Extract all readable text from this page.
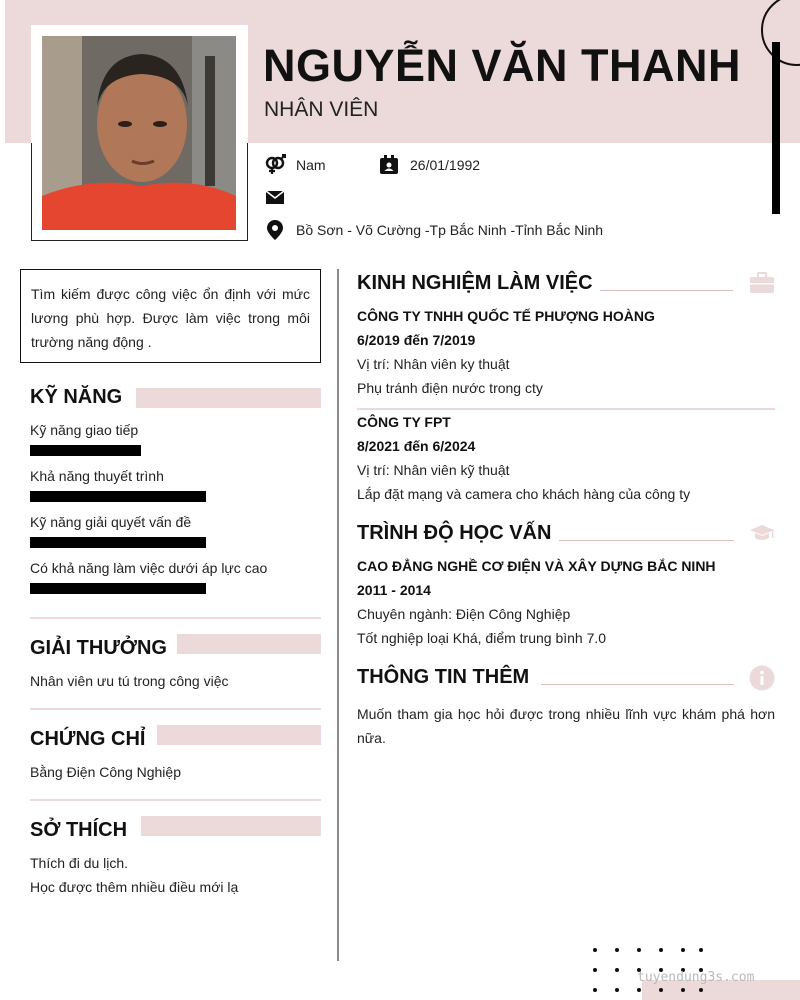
NGUYỄN VĂN THANH
NHÂN VIÊN
Nam	26/01/1992
Bồ Sơn - Võ Cường -Tp Bắc Ninh -Tỉnh Bắc Ninh
Tìm kiếm được công việc ổn định với mức lương phù hợp. Được làm việc trong môi trường năng động .
KỸ NĂNG
Kỹ năng giao tiếp
Khả năng thuyết trình
Kỹ năng giải quyết vấn đề
Có khả năng làm việc dưới áp lực cao
GIẢI THƯỞNG
Nhân viên ưu tú trong công việc
CHỨNG CHỈ
Bằng Điện Công Nghiệp
SỞ THÍCH
Thích đi du lịch.
Học được thêm nhiều điều mới lạ
KINH NGHIỆM LÀM VIỆC
CÔNG TY TNHH QUỐC TẾ PHƯỢNG HOÀNG
6/2019 đến 7/2019
Vị trí: Nhân viên ky thuật
Phụ tránh điện nước trong cty
CÔNG TY FPT
8/2021 đến 6/2024
Vị trí: Nhân viên kỹ thuật
Lắp đặt mạng và camera cho khách hàng của công ty
TRÌNH ĐỘ HỌC VẤN
CAO ĐẲNG NGHỀ CƠ ĐIỆN VÀ XÂY DỰNG BẮC NINH
2011 - 2014
Chuyên ngành: Điện Công Nghiệp
Tốt nghiệp loại Khá, điểm trung bình 7.0
THÔNG TIN THÊM
Muốn tham gia học hỏi được trong nhiều lĩnh vực khám phá hơn nữa.
tuyendung3s.com
